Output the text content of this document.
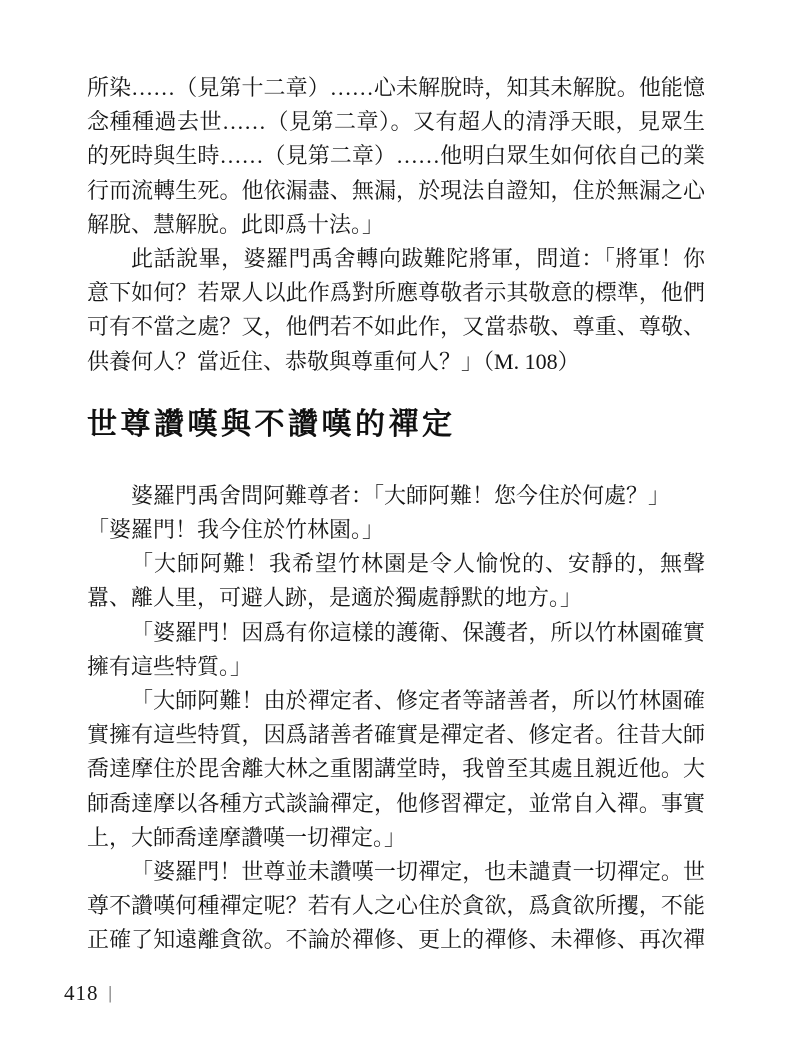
所染……（見第十二章）……心未解脫時，知其未解脫。他能憶
念種種過去世……（見第二章）。又有超人的清淨天眼，見眾生
的死時與生時……（見第二章）……他明白眾生如何依自己的業
行而流轉生死。他依漏盡、無漏，於現法自證知，住於無漏之心
解脫、慧解脫。此即爲十法。」
此話說畢，婆羅門禹舍轉向跋難陀將軍，問道：「將軍！你
意下如何？若眾人以此作爲對所應尊敬者示其敬意的標準，他們
可有不當之處？又，他們若不如此作，又當恭敬、尊重、尊敬、
供養何人？當近住、恭敬與尊重何人？」（M. 108）
世尊讚嘆與不讚嘆的禪定
婆羅門禹舍問阿難尊者：「大師阿難！您今住於何處？」
「婆羅門！我今住於竹林園。」
「大師阿難！我希望竹林園是令人愉悅的、安靜的，無聲
囂、離人里，可避人跡，是適於獨處靜默的地方。」
「婆羅門！因爲有你這樣的護衛、保護者，所以竹林園確實
擁有這些特質。」
「大師阿難！由於禪定者、修定者等諸善者，所以竹林園確
實擁有這些特質，因爲諸善者確實是禪定者、修定者。往昔大師
喬達摩住於毘舍離大林之重閣講堂時，我曾至其處且親近他。大
師喬達摩以各種方式談論禪定，他修習禪定，並常自入禪。事實
上，大師喬達摩讚嘆一切禪定。」
「婆羅門！世尊並未讚嘆一切禪定，也未譴責一切禪定。世
尊不讚嘆何種禪定呢？若有人之心住於貪欲，爲貪欲所攫，不能
正確了知遠離貪欲。不論於禪修、更上的禪修、未禪修、再次禪
418 |
